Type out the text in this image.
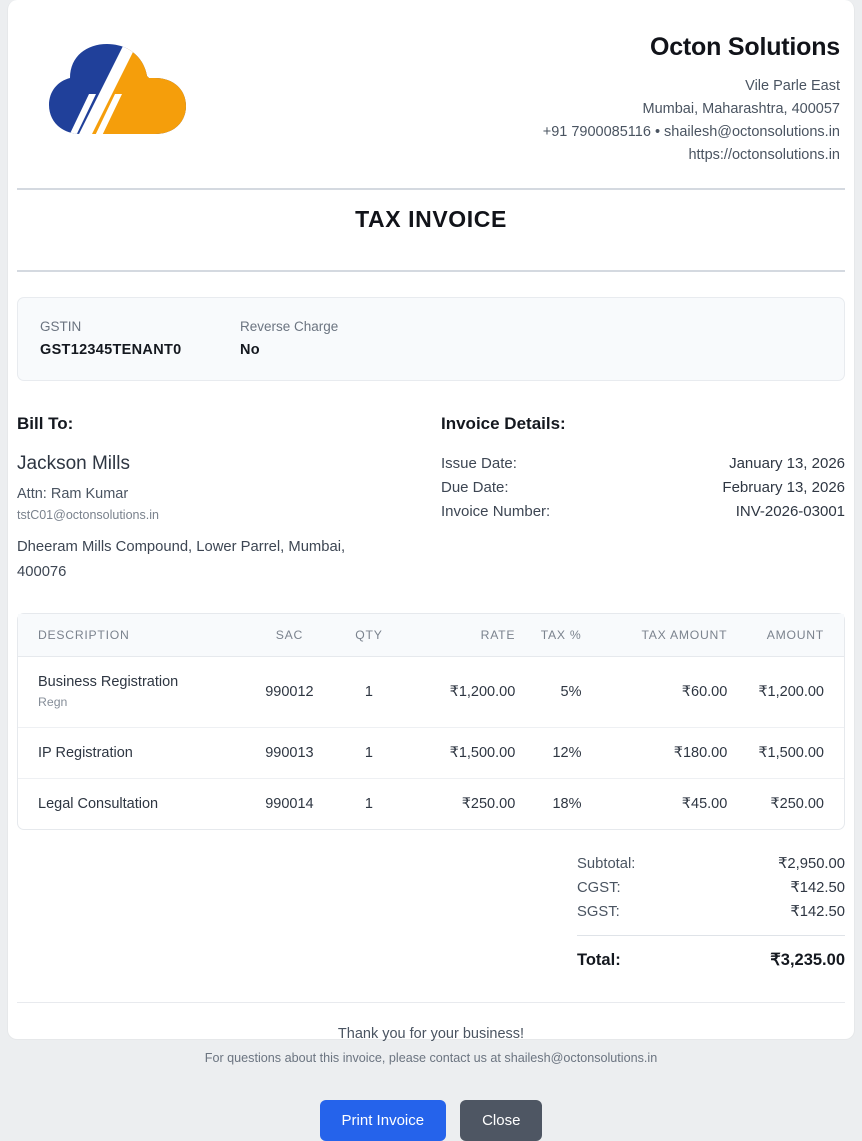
Octon Solutions
Vile Parle East
Mumbai, Maharashtra, 400057
+91 7900085116 • shailesh@octonsolutions.in
https://octonsolutions.in
TAX INVOICE
GSTIN
GST12345TENANT0
Reverse Charge
No
Bill To:
Jackson Mills
Attn: Ram Kumar
tstC01@octonsolutions.in
Dheeram Mills Compound, Lower Parrel, Mumbai, 400076
Invoice Details:
Issue Date:	January 13, 2026
Due Date:	February 13, 2026
Invoice Number:	INV-2026-03001
DESCRIPTION	SAC	QTY	RATE	TAX %	TAX AMOUNT	AMOUNT

Business Registration
Regn	990012	1	₹1,200.00	5%	₹60.00	₹1,200.00

IP Registration	990013	1	₹1,500.00	12%	₹180.00	₹1,500.00

Legal Consultation	990014	1	₹250.00	18%	₹45.00	₹250.00
Subtotal:	₹2,950.00
CGST:	₹142.50
SGST:	₹142.50
Total:	₹3,235.00
Thank you for your business!
For questions about this invoice, please contact us at shailesh@octonsolutions.in
Print Invoice	Close
